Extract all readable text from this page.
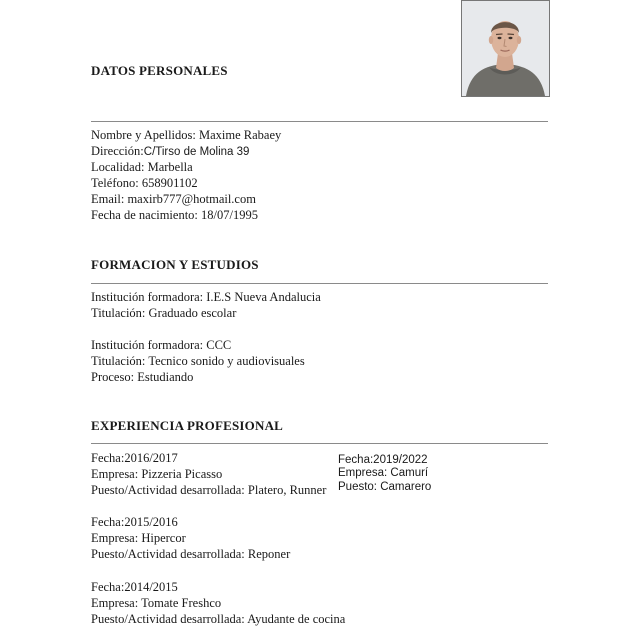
DATOS PERSONALES
Nombre y Apellidos: Maxime Rabaey
Dirección:C/Tirso de Molina 39
Localidad: Marbella
Teléfono: 658901102
Email: maxirb777@hotmail.com
Fecha de nacimiento: 18/07/1995
FORMACION Y ESTUDIOS
Institución formadora: I.E.S Nueva Andalucia
Titulación: Graduado escolar
Institución formadora: CCC
Titulación: Tecnico sonido y audiovisuales
Proceso: Estudiando
EXPERIENCIA PROFESIONAL
Fecha:2016/2017
Empresa: Pizzeria Picasso
Puesto/Actividad desarrollada: Platero, Runner
Fecha:2019/2022
Empresa: Camurí
Puesto: Camarero
Fecha:2015/2016
Empresa: Hipercor
Puesto/Actividad desarrollada: Reponer
Fecha:2014/2015
Empresa: Tomate Freshco
Puesto/Actividad desarrollada: Ayudante de cocina
